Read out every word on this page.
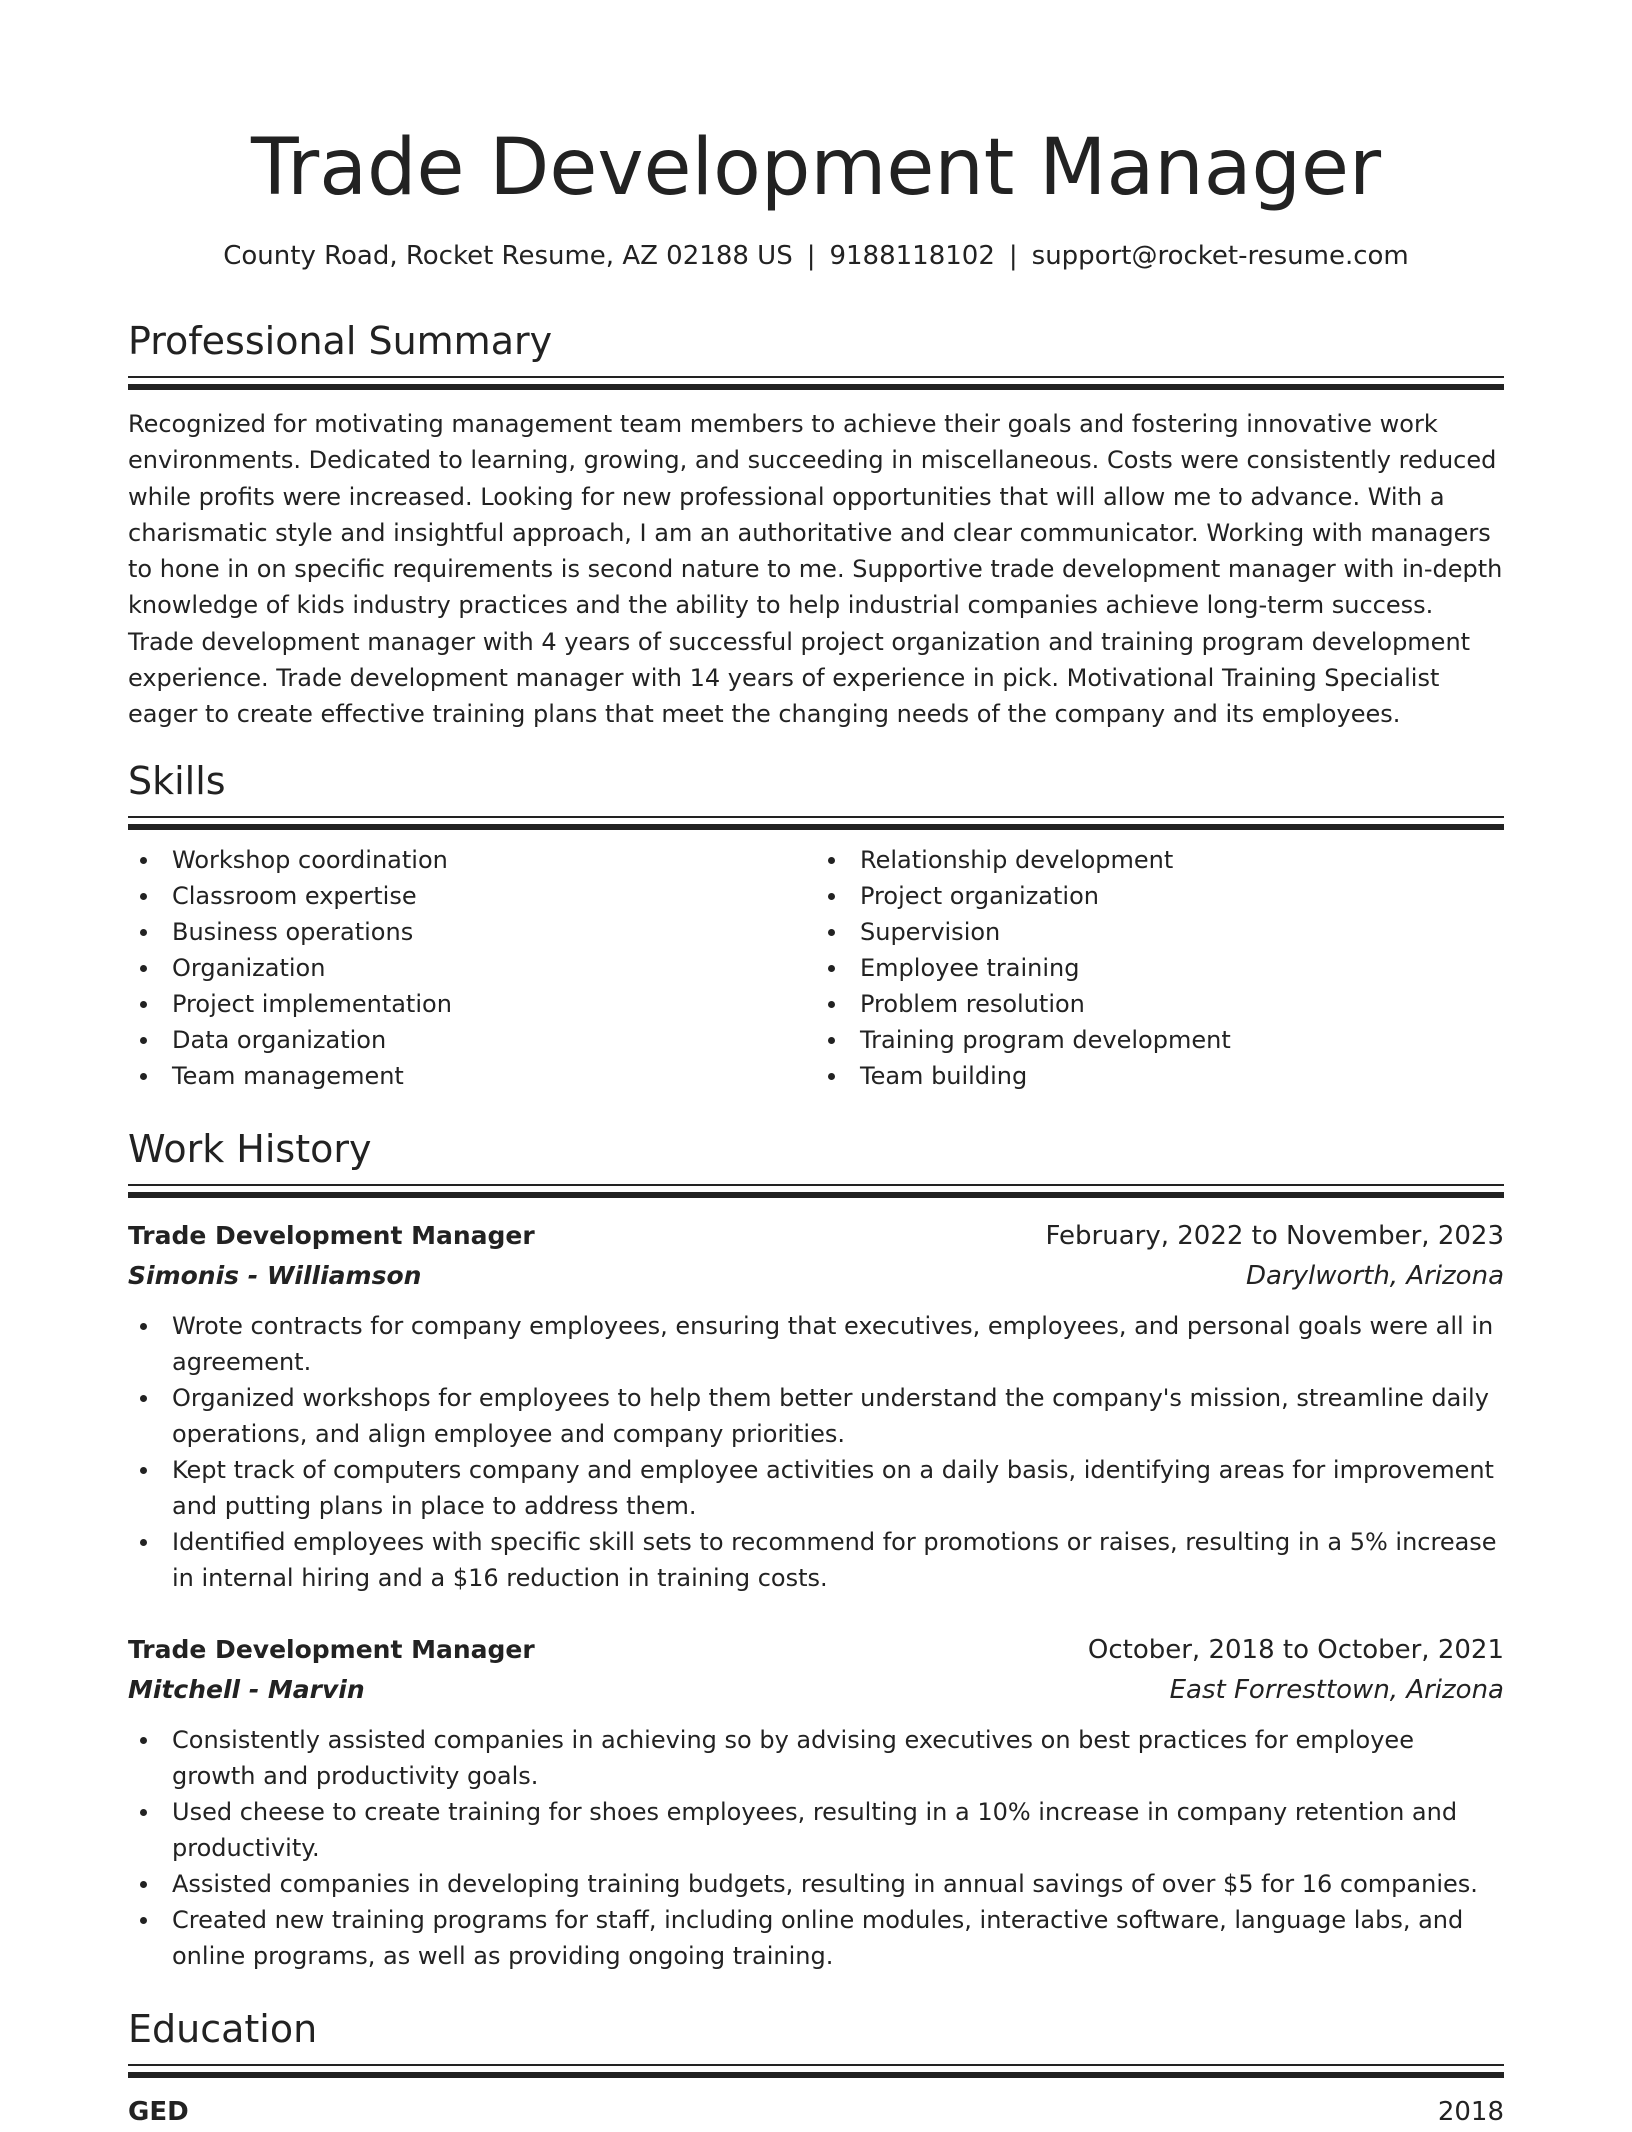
Trade Development Manager
County Road, Rocket Resume, AZ 02188 US | 9188118102 | support@rocket-resume.com
Professional Summary
Recognized for motivating management team members to achieve their goals and fostering innovative work environments. Dedicated to learning, growing, and succeeding in miscellaneous. Costs were consistently reduced while profits were increased. Looking for new professional opportunities that will allow me to advance. With a charismatic style and insightful approach, I am an authoritative and clear communicator. Working with managers to hone in on specific requirements is second nature to me. Supportive trade development manager with in-depth knowledge of kids industry practices and the ability to help industrial companies achieve long-term success. Trade development manager with 4 years of successful project organization and training program development experience. Trade development manager with 14 years of experience in pick. Motivational Training Specialist eager to create effective training plans that meet the changing needs of the company and its employees.
Skills
Workshop coordination
Classroom expertise
Business operations
Organization
Project implementation
Data organization
Team management
Relationship development
Project organization
Supervision
Employee training
Problem resolution
Training program development
Team building
Work History
Trade Development Manager	February, 2022 to November, 2023
Simonis - Williamson	Darylworth, Arizona
Wrote contracts for company employees, ensuring that executives, employees, and personal goals were all in agreement.
Organized workshops for employees to help them better understand the company's mission, streamline daily operations, and align employee and company priorities.
Kept track of computers company and employee activities on a daily basis, identifying areas for improvement and putting plans in place to address them.
Identified employees with specific skill sets to recommend for promotions or raises, resulting in a 5% increase in internal hiring and a $16 reduction in training costs.
Trade Development Manager	October, 2018 to October, 2021
Mitchell - Marvin	East Forresttown, Arizona
Consistently assisted companies in achieving so by advising executives on best practices for employee growth and productivity goals.
Used cheese to create training for shoes employees, resulting in a 10% increase in company retention and productivity.
Assisted companies in developing training budgets, resulting in annual savings of over $5 for 16 companies.
Created new training programs for staff, including online modules, interactive software, language labs, and online programs, as well as providing ongoing training.
Education
GED	2018
